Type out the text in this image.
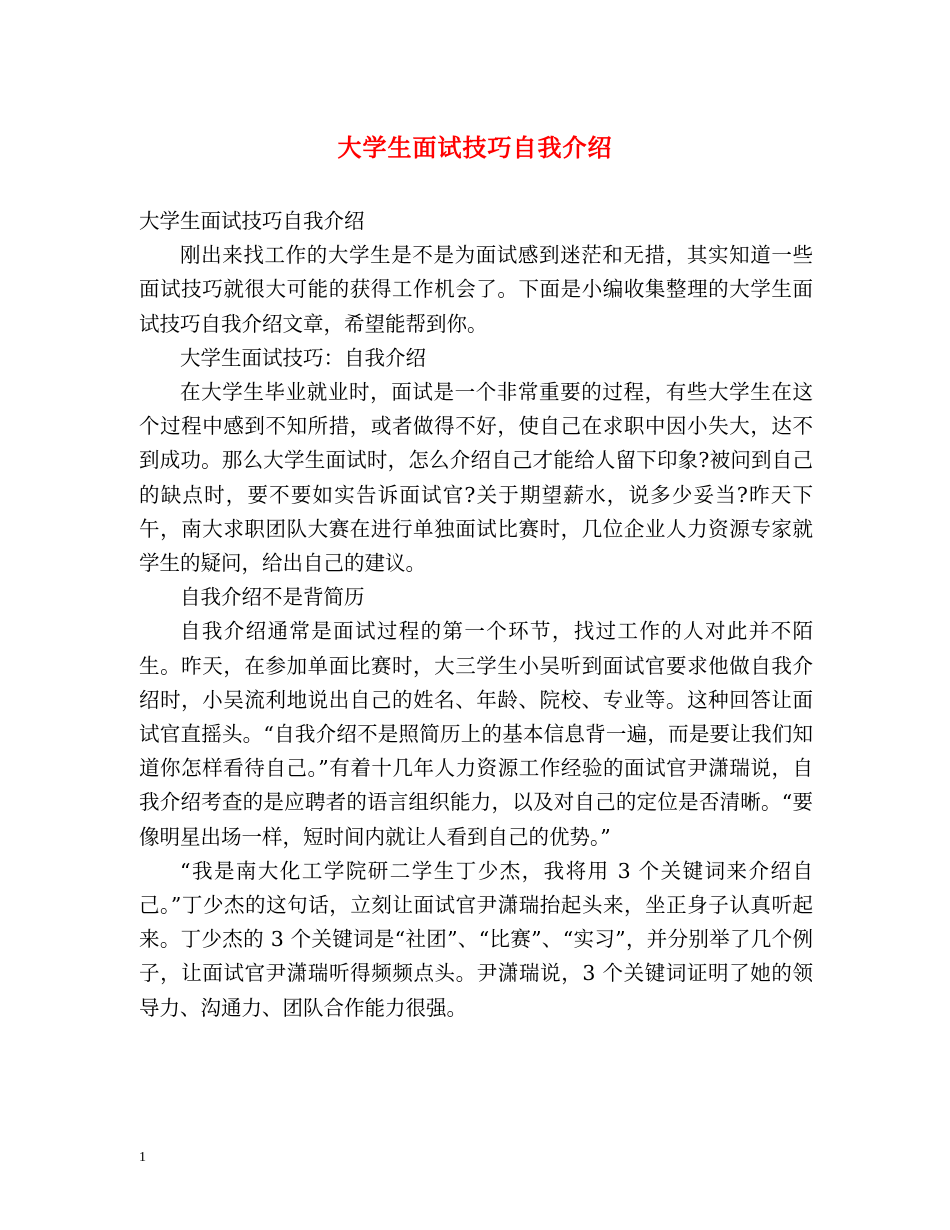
大学生面试技巧自我介绍

大学生面试技巧自我介绍

刚出来找工作的大学生是不是为面试感到迷茫和无措，其实知道一些面试技巧就很大可能的获得工作机会了。下面是小编收集整理的大学生面试技巧自我介绍文章，希望能帮到你。

大学生面试技巧：自我介绍

在大学生毕业就业时，面试是一个非常重要的过程，有些大学生在这个过程中感到不知所措，或者做得不好，使自己在求职中因小失大，达不到成功。那么大学生面试时，怎么介绍自己才能给人留下印象?被问到自己的缺点时，要不要如实告诉面试官?关于期望薪水，说多少妥当?昨天下午，南大求职团队大赛在进行单独面试比赛时，几位企业人力资源专家就学生的疑问，给出自己的建议。

自我介绍不是背简历

自我介绍通常是面试过程的第一个环节，找过工作的人对此并不陌生。昨天，在参加单面比赛时，大三学生小吴听到面试官要求他做自我介绍时，小吴流利地说出自己的姓名、年龄、院校、专业等。这种回答让面试官直摇头。“自我介绍不是照简历上的基本信息背一遍，而是要让我们知道你怎样看待自己。”有着十几年人力资源工作经验的面试官尹潇瑞说，自我介绍考查的是应聘者的语言组织能力，以及对自己的定位是否清晰。“要像明星出场一样，短时间内就让人看到自己的优势。”

“我是南大化工学院研二学生丁少杰，我将用 3 个关键词来介绍自己。”丁少杰的这句话，立刻让面试官尹潇瑞抬起头来，坐正身子认真听起来。丁少杰的 3 个关键词是“社团”、“比赛”、“实习”，并分别举了几个例子，让面试官尹潇瑞听得频频点头。尹潇瑞说，3 个关键词证明了她的领导力、沟通力、团队合作能力很强。

1
